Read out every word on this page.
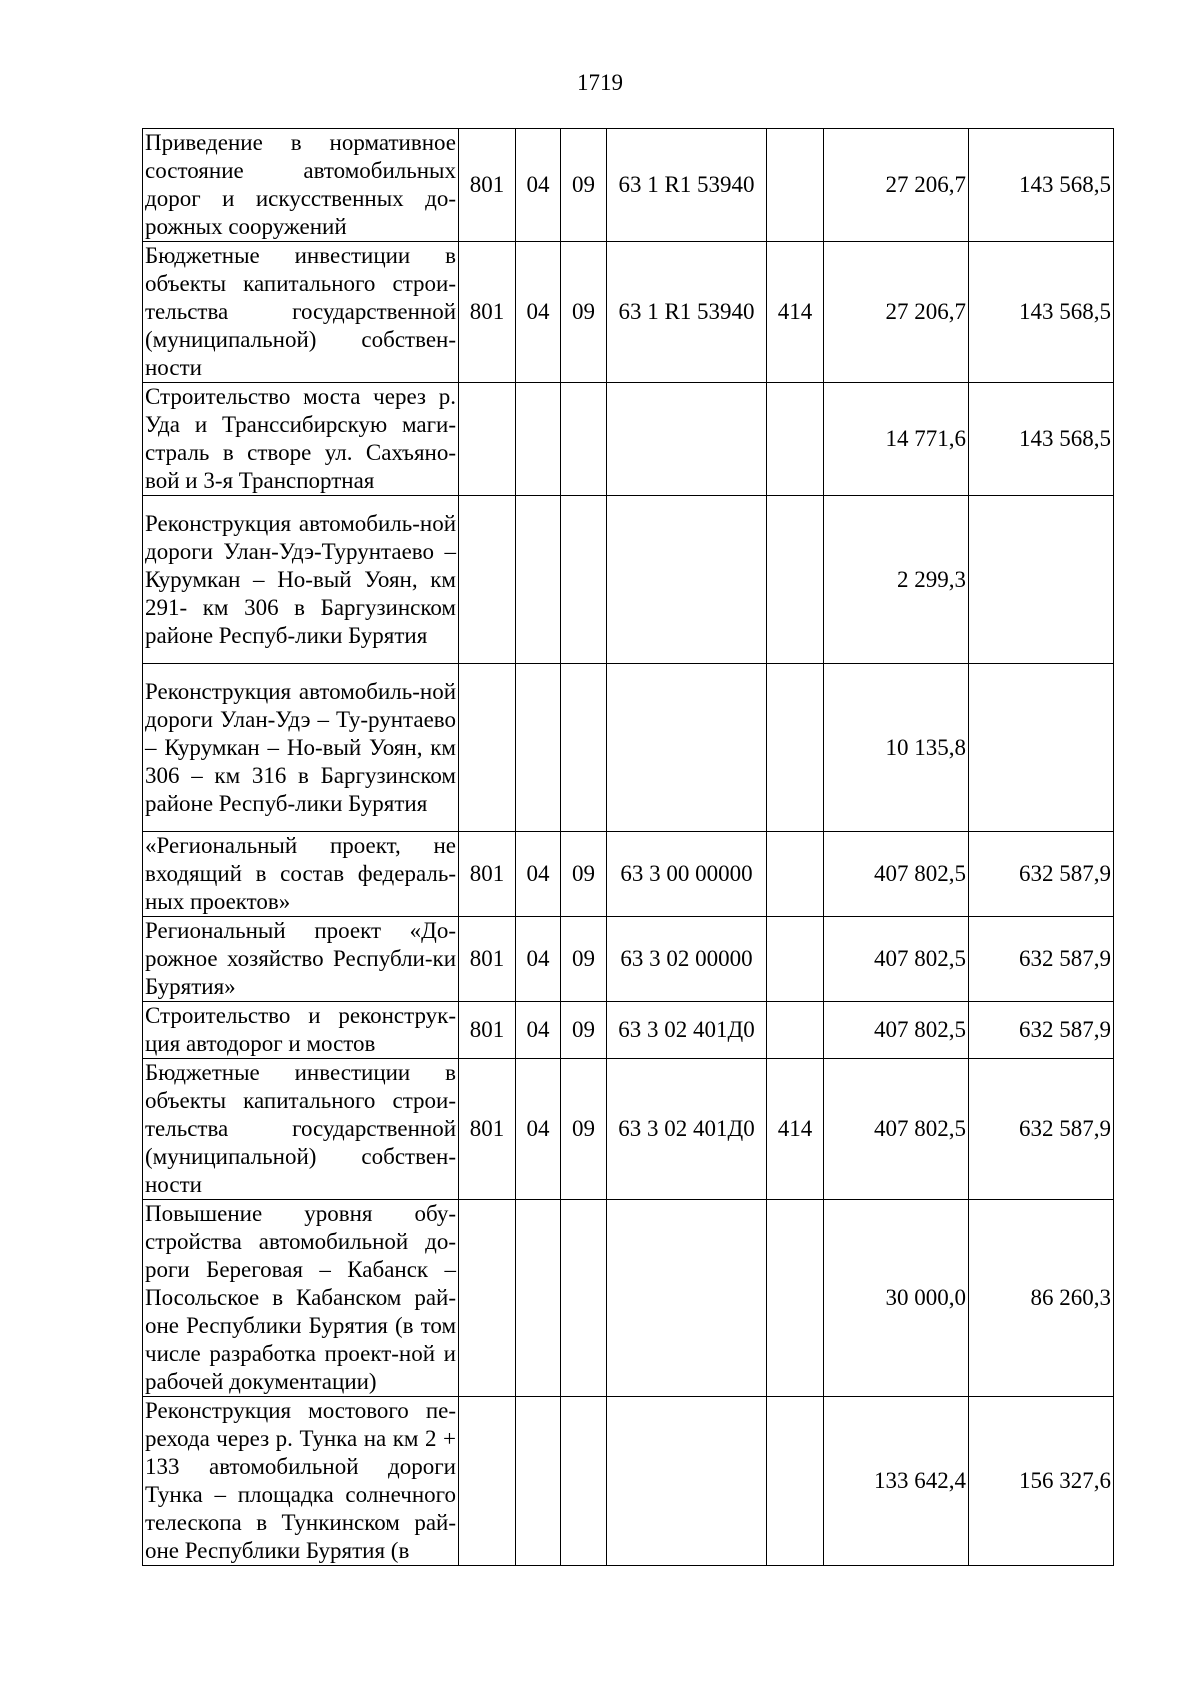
1719
Приведение в нормативное состояние автомобильных дорог и искусственных до-рожных сооружений	801	04	09	63 1 R1 53940		27 206,7	143 568,5
Бюджетные инвестиции в объекты капитального строи-тельства государственной (муниципальной) собствен-ности	801	04	09	63 1 R1 53940	414	27 206,7	143 568,5
Строительство моста через р. Уда и Транссибирскую маги-страль в створе ул. Сахъяно-вой и 3-я Транспортная						14 771,6	143 568,5
Реконструкция автомобиль-ной дороги Улан-Удэ-Турунтаево – Курумкан – Но-вый Уоян, км 291- км 306 в Баргузинском районе Респуб-лики Бурятия						2 299,3	
Реконструкция автомобиль-ной дороги Улан-Удэ – Ту-рунтаево – Курумкан – Но-вый Уоян, км 306 – км 316 в Баргузинском районе Респуб-лики Бурятия						10 135,8	
«Региональный проект, не входящий в состав федераль-ных проектов»	801	04	09	63 3 00 00000		407 802,5	632 587,9
Региональный проект «До-рожное хозяйство Республи-ки Бурятия»	801	04	09	63 3 02 00000		407 802,5	632 587,9
Строительство и реконструк-ция автодорог и мостов	801	04	09	63 3 02 401Д0		407 802,5	632 587,9
Бюджетные инвестиции в объекты капитального строи-тельства государственной (муниципальной) собствен-ности	801	04	09	63 3 02 401Д0	414	407 802,5	632 587,9
Повышение уровня обу-стройства автомобильной до-роги Береговая – Кабанск – Посольское в Кабанском рай-оне Республики Бурятия (в том числе разработка проект-ной и рабочей документации)						30 000,0	86 260,3
Реконструкция мостового пе-рехода через р. Тунка на км 2 + 133 автомобильной дороги Тунка – площадка солнечного телескопа в Тункинском рай-оне Республики Бурятия (в						133 642,4	156 327,6
